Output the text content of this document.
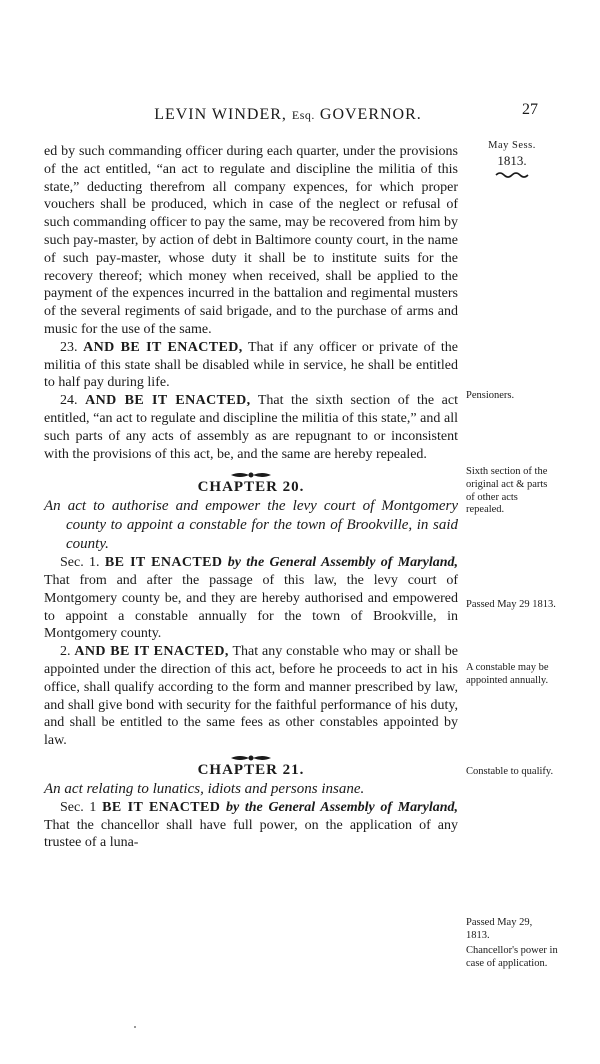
LEVIN WINDER, Esq. GOVERNOR.	27

ed by such commanding officer during each quarter, under the provisions of the act entitled, “an act to regulate and discipline the militia of this state,” deducting therefrom all company expences, for which proper vouchers shall be produced, which in case of the neglect or refusal of such commanding officer to pay the same, may be recovered from him by such pay-master, by action of debt in Baltimore county court, in the name of such pay-master, whose duty it shall be to institute suits for the recovery thereof; which money when received, shall be applied to the payment of the expences incurred in the battalion and regimental musters of the several regiments of said brigade, and to the purchase of arms and music for the use of the same.

23. AND BE IT ENACTED, That if any officer or private of the militia of this state shall be disabled while in service, he shall be entitled to half pay during life.

24. AND BE IT ENACTED, That the sixth section of the act entitled, “an act to regulate and discipline the militia of this state,” and all such parts of any acts of assembly as are repugnant to or inconsistent with the provisions of this act, be, and the same are hereby repealed.

CHAPTER 20.

An act to authorise and empower the levy court of Montgomery county to appoint a constable for the town of Brookville, in said county.

Sec. 1. BE IT ENACTED by the General Assembly of Maryland, That from and after the passage of this law, the levy court of Montgomery county be, and they are hereby authorised and empowered to appoint a constable annually for the town of Brookville, in Montgomery county.

2. AND BE IT ENACTED, That any constable who may or shall be appointed under the direction of this act, before he proceeds to act in his office, shall qualify according to the form and manner prescribed by law, and shall give bond with security for the faithful performance of his duty, and shall be entitled to the same fees as other constables appointed by law.

CHAPTER 21.

An act relating to lunatics, idiots and persons insane.

Sec. 1 BE IT ENACTED by the General Assembly of Maryland, That the chancellor shall have full power, on the application of any trustee of a luna-

May Sess.
1813.
Pensioners.
Sixth section of the original act & parts of other acts repealed.
Passed May 29 1813.
A constable may be appointed annually.
Constable to qualify.
Passed May 29, 1813.
Chancellor's power in case of application.
